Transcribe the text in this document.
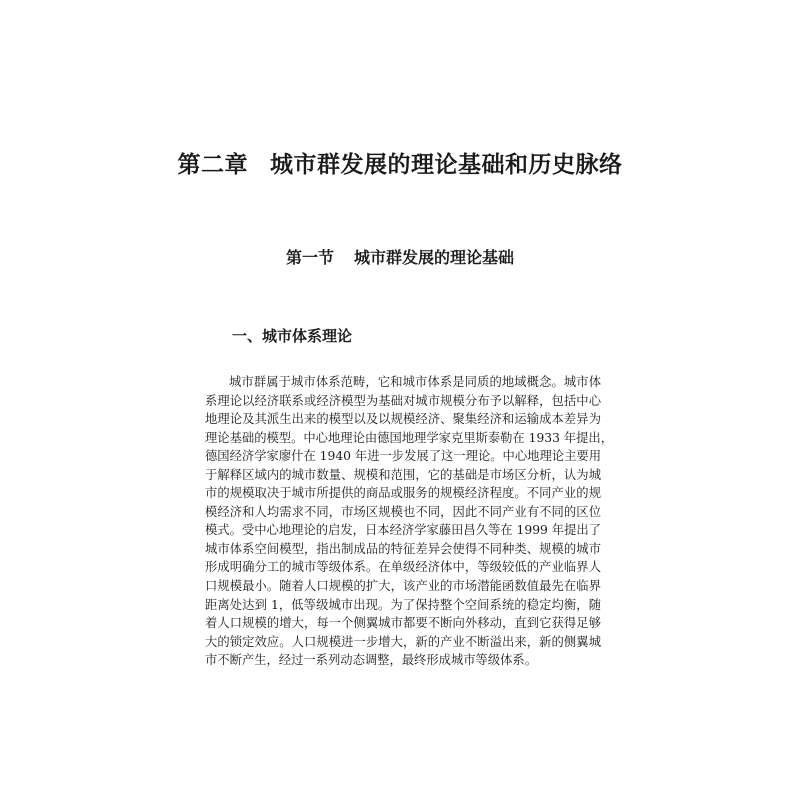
第二章 城市群发展的理论基础和历史脉络
第一节 城市群发展的理论基础
一、城市体系理论
城市群属于城市体系范畴，它和城市体系是同质的地域概念。城市体
系理论以经济联系或经济模型为基础对城市规模分布予以解释，包括中心
地理论及其派生出来的模型以及以规模经济、聚集经济和运输成本差异为
理论基础的模型。中心地理论由德国地理学家克里斯泰勒在 1933 年提出，
德国经济学家廖什在 1940 年进一步发展了这一理论。中心地理论主要用
于解释区域内的城市数量、规模和范围，它的基础是市场区分析，认为城
市的规模取决于城市所提供的商品或服务的规模经济程度。不同产业的规
模经济和人均需求不同，市场区规模也不同，因此不同产业有不同的区位
模式。受中心地理论的启发，日本经济学家藤田昌久等在 1999 年提出了
城市体系空间模型，指出制成品的特征差异会使得不同种类、规模的城市
形成明确分工的城市等级体系。在单级经济体中，等级较低的产业临界人
口规模最小。随着人口规模的扩大，该产业的市场潜能函数值最先在临界
距离处达到 1，低等级城市出现。为了保持整个空间系统的稳定均衡，随
着人口规模的增大，每一个侧翼城市都要不断向外移动，直到它获得足够
大的锁定效应。人口规模进一步增大，新的产业不断溢出来，新的侧翼城
市不断产生，经过一系列动态调整，最终形成城市等级体系。
